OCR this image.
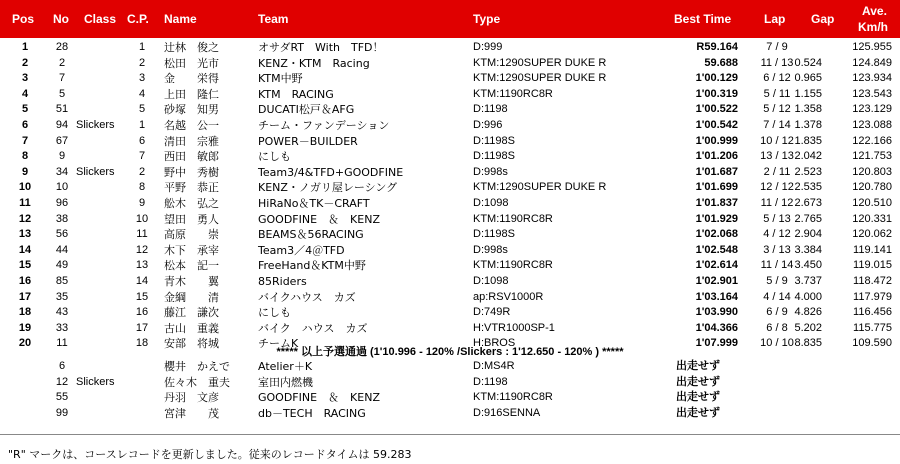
Pos No Class C.P. Name	Team	Type	Best Time	Lap Gap
Ave.
Km/h
1	28	1	辻林　俊之	オサダRT　With　TFD！	D:999	R59.164	7 / 9	125.955
2	2	2	松田　光市	KENZ・KTM　Racing	KTM:1290SUPER DUKE R	59.688	11 / 13 0.524	124.849
3	7	3	金　　栄得	KTM中野	KTM:1290SUPER DUKE R	1'00.129	6 / 12 0.965	123.934
4	5	4	上田　隆仁	KTM　RACING	KTM:1190RC8R	1'00.319	5 / 11 1.155	123.543
5	51	5	砂塚　知男	DUCATI松戸＆AFG	D:1198	1'00.522	5 / 12 1.358	123.129
6	94 Slickers	1	名越　公一	チーム・ファンデーション	D:996	1'00.542	7 / 14 1.378	123.088
7	67	6	清田　宗雅	POWER－BUILDER	D:1198S	1'00.999	10 / 12 1.835	122.166
8	9	7	西田　敏郎	にしも	D:1198S	1'01.206	13 / 13 2.042	121.753
9	34 Slickers	2	野中　秀樹	Team3/4&TFD+GOODFINE	D:998s	1'01.687	2 / 11 2.523	120.803
10	10	8	平野　恭正	KENZ・ノガリ屋レーシング	KTM:1290SUPER DUKE R	1'01.699	12 / 12 2.535	120.780
11	96	9	舩木　弘之	HiRaNo＆TK－CRAFT	D:1098	1'01.837	11 / 12 2.673	120.510
12	38	10	望田　勇人	GOODFINE　＆　KENZ	KTM:1190RC8R	1'01.929	5 / 13 2.765	120.331
13	56	11	高原　　崇	BEAMS＆56RACING	D:1198S	1'02.068	4 / 12 2.904	120.062
14	44	12	木下　承宰	Team3／4＠TFD	D:998s	1'02.548	3 / 13 3.384	119.141
15	49	13	松本　記一	FreeHand＆KTM中野	KTM:1190RC8R	1'02.614	11 / 14 3.450	119.015
16	85	14	青木　　翼	85Riders	D:1098	1'02.901	5 / 9 3.737	118.472
17	35	15	金綱　　清	バイクハウス　カズ	ap:RSV1000R	1'03.164	4 / 14 4.000	117.979
18	43	16	藤江　謙次	にしも	D:749R	1'03.990	6 / 9 4.826	116.456
19	33	17	古山　重義	バイク　ハウス　カズ	H:VTR1000SP-1	1'04.366	6 / 8 5.202	115.775
20	11	18	安部　将城	チームK	H:BROS	1'07.999	10 / 10 8.835	109.590
***** 以上予選通過 (1'10.996 - 120% /Slickers : 1'12.650 - 120% ) *****
6	櫻井　かえで	Atelier＋K	D:MS4R	出走せず
12 Slickers	佐々木　重夫	室田内燃機	D:1198	出走せず
55	丹羽　文彦	GOODFINE　＆　KENZ	KTM:1190RC8R	出走せず
99	宮津　　茂	db－TECH　RACING	D:916SENNA	出走せず
"R" マークは、コースレコードを更新しました。従来のレコードタイムは 59.283
